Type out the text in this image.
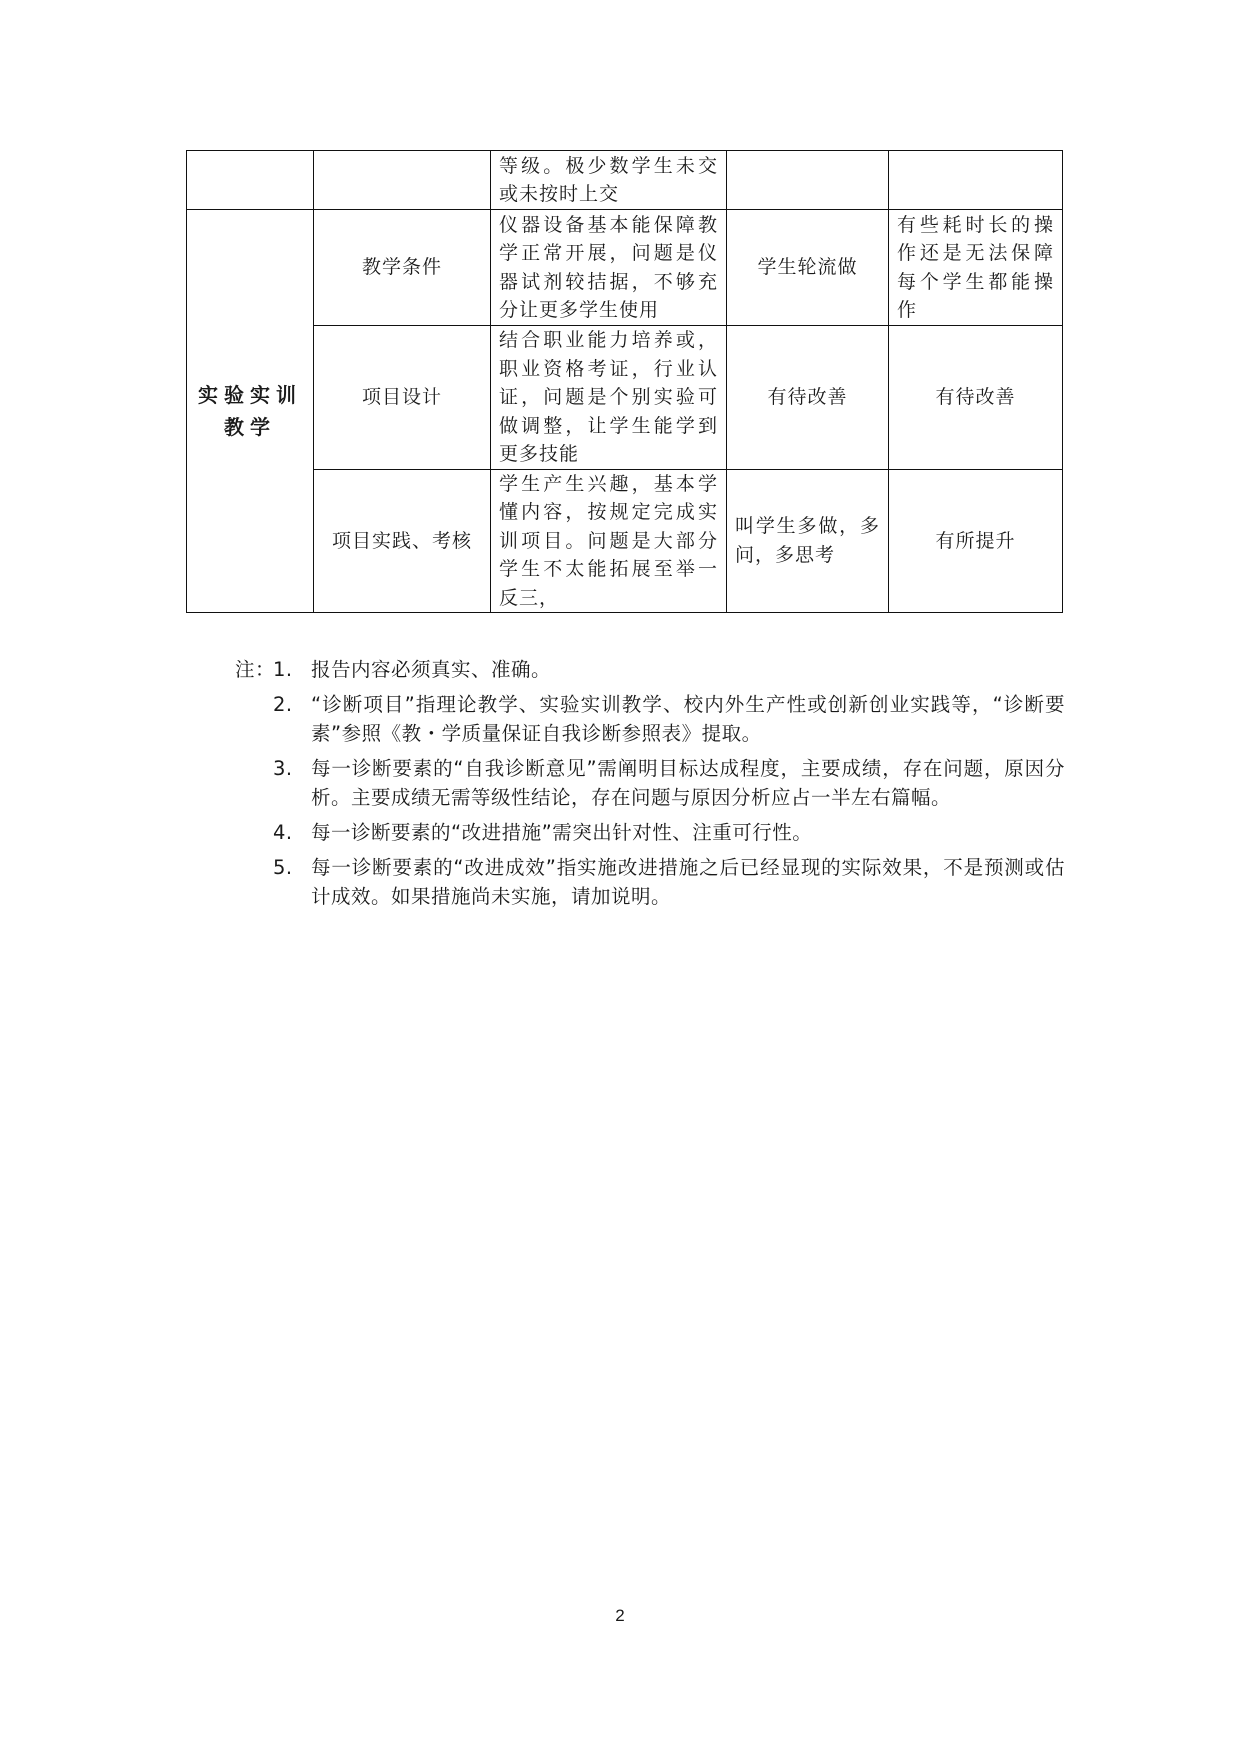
		等级。极少数学生未交或未按时上交		
实验实训教学	教学条件	仪器设备基本能保障教学正常开展，问题是仪器试剂较拮据，不够充分让更多学生使用	学生轮流做	有些耗时长的操作还是无法保障每个学生都能操作
	项目设计	结合职业能力培养或，职业资格考证，行业认证，问题是个别实验可做调整，让学生能学到更多技能	有待改善	有待改善
	项目实践、考核	学生产生兴趣，基本学懂内容，按规定完成实训项目。问题是大部分学生不太能拓展至举一反三，	叫学生多做，多问，多思考	有所提升
注：
1. 报告内容必须真实、准确。
2. “诊断项目”指理论教学、实验实训教学、校内外生产性或创新创业实践等，“诊断要素”参照《教・学质量保证自我诊断参照表》提取。
3. 每一诊断要素的“自我诊断意见”需阐明目标达成程度，主要成绩，存在问题，原因分析。主要成绩无需等级性结论，存在问题与原因分析应占一半左右篇幅。
4. 每一诊断要素的“改进措施”需突出针对性、注重可行性。
5. 每一诊断要素的“改进成效”指实施改进措施之后已经显现的实际效果，不是预测或估计成效。如果措施尚未实施，请加说明。
2
